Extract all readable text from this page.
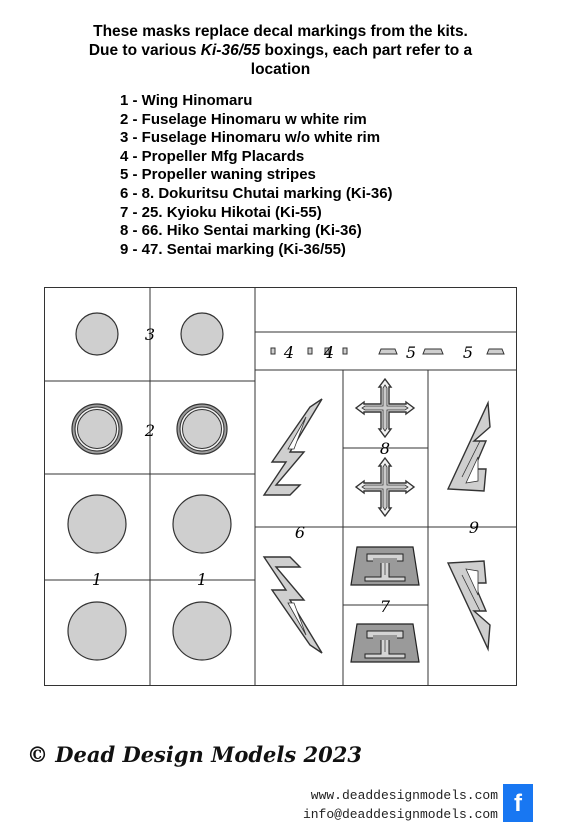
These masks replace decal markings from the kits.
Due to various Ki-36/55 boxings, each part refer to a
location
1 - Wing Hinomaru
2 - Fuselage Hinomaru w white rim
3 - Fuselage Hinomaru w/o white rim
4 - Propeller Mfg Placards
5 - Propeller waning stripes
6 - 8. Dokuritsu Chutai marking (Ki-36)
7 - 25. Kyioku Hikotai (Ki-55)
8 - 66. Hiko Sentai marking (Ki-36)
9 - 47. Sentai marking (Ki-36/55)
3
2
1	1
4 4	5	5
6
8
7
9
© Dead Design Models 2023
www.deaddesignmodels.com
info@deaddesignmodels.com f
